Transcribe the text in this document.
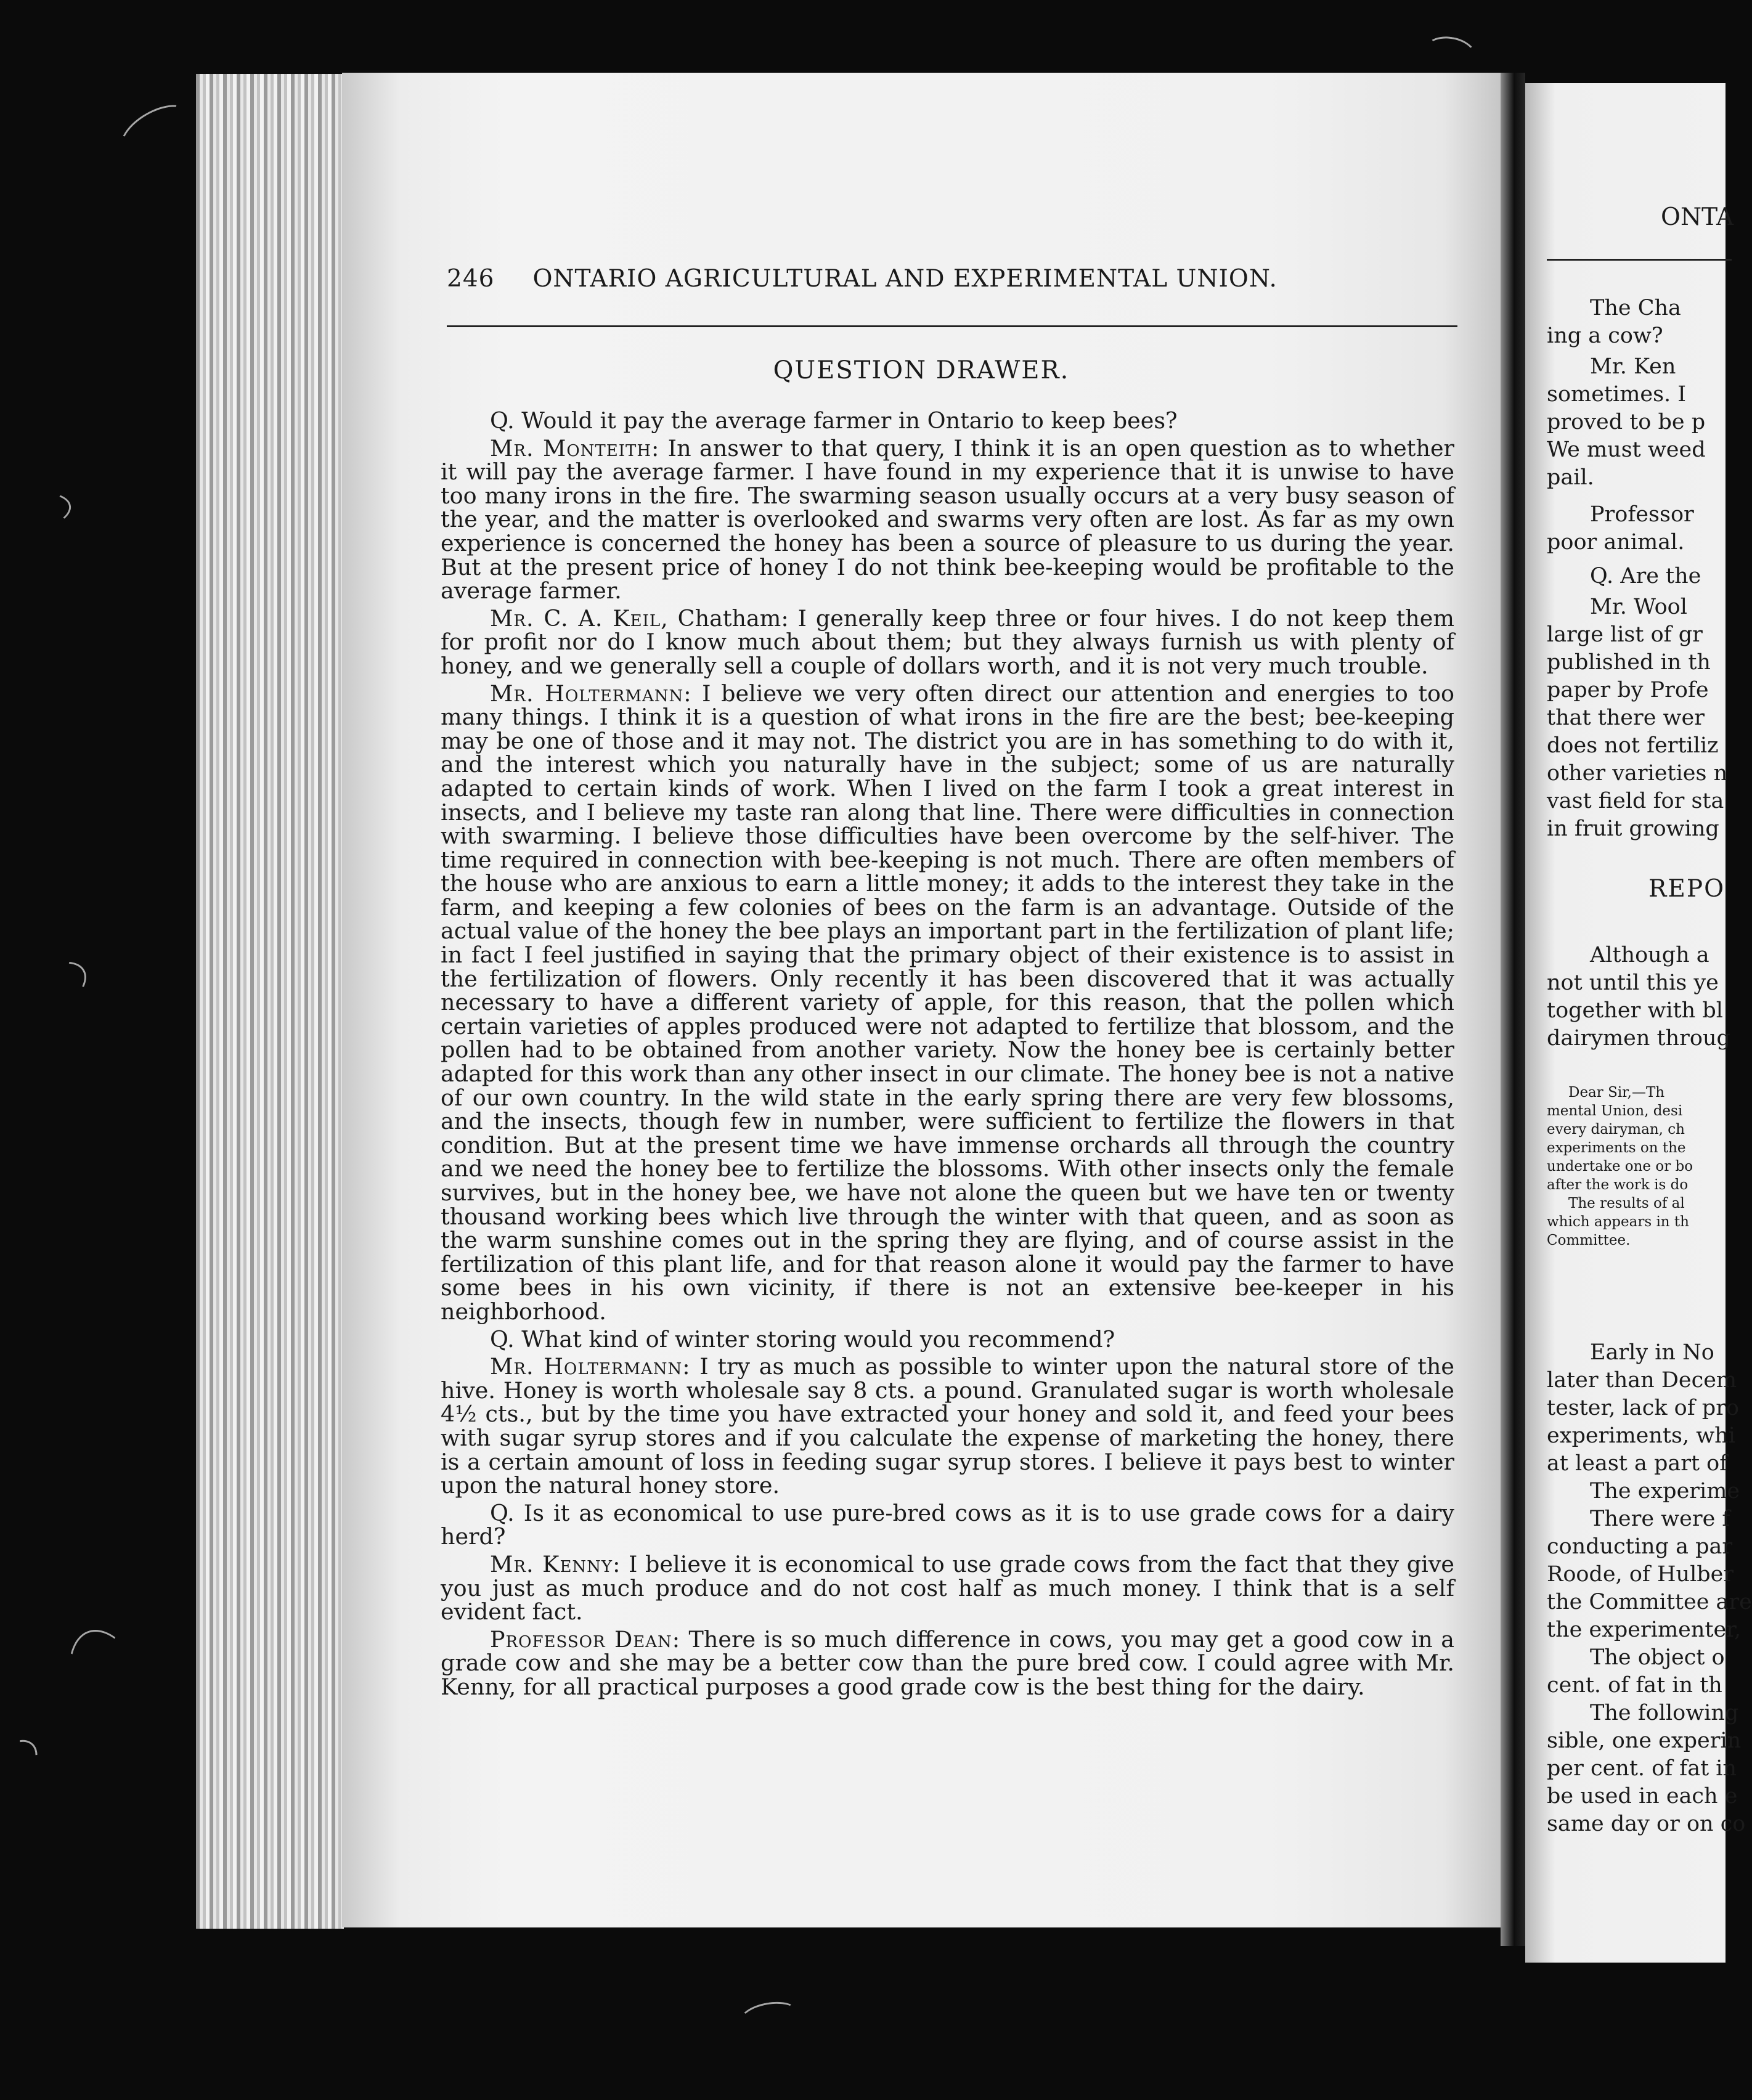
246 ONTARIO AGRICULTURAL AND EXPERIMENTAL UNION.
QUESTION DRAWER.

Q. Would it pay the average farmer in Ontario to keep bees?

Mr. Monteith: In answer to that query, I think it is an open question as to whether it will pay the average farmer. I have found in my experience that it is unwise to have too many irons in the fire. The swarming season usually occurs at a very busy season of the year, and the matter is overlooked and swarms very often are lost. As far as my own experience is concerned the honey has been a source of pleasure to us during the year. But at the present price of honey I do not think bee-keeping would be profitable to the average farmer.

Mr. C. A. Keil, Chatham: I generally keep three or four hives. I do not keep them for profit nor do I know much about them; but they always furnish us with plenty of honey, and we generally sell a couple of dollars worth, and it is not very much trouble.

Mr. Holtermann: I believe we very often direct our attention and energies to too many things. I think it is a question of what irons in the fire are the best; bee-keeping may be one of those and it may not. The district you are in has something to do with it, and the interest which you naturally have in the subject; some of us are naturally adapted to certain kinds of work. When I lived on the farm I took a great interest in insects, and I believe my taste ran along that line. There were difficulties in connection with swarming. I believe those difficulties have been overcome by the self-hiver. The time required in connection with bee-keeping is not much. There are often members of the house who are anxious to earn a little money; it adds to the interest they take in the farm, and keeping a few colonies of bees on the farm is an advantage. Outside of the actual value of the honey the bee plays an important part in the fertilization of plant life; in fact I feel justified in saying that the primary object of their existence is to assist in the fertilization of flowers. Only recently it has been discovered that it was actually necessary to have a different variety of apple, for this reason, that the pollen which certain varieties of apples produced were not adapted to fertilize that blossom, and the pollen had to be obtained from another variety. Now the honey bee is certainly better adapted for this work than any other insect in our climate. The honey bee is not a native of our own country. In the wild state in the early spring there are very few blossoms, and the insects, though few in number, were sufficient to fertilize the flowers in that condition. But at the present time we have immense orchards all through the country and we need the honey bee to fertilize the blossoms. With other insects only the female survives, but in the honey bee, we have not alone the queen but we have ten or twenty thousand working bees which live through the winter with that queen, and as soon as the warm sunshine comes out in the spring they are flying, and of course assist in the fertilization of this plant life, and for that reason alone it would pay the farmer to have some bees in his own vicinity, if there is not an extensive bee-keeper in his neighborhood.

Q. What kind of winter storing would you recommend?

Mr. Holtermann: I try as much as possible to winter upon the natural store of the hive. Honey is worth wholesale say 8 cts. a pound. Granulated sugar is worth wholesale 4½ cts., but by the time you have extracted your honey and sold it, and feed your bees with sugar syrup stores and if you calculate the expense of marketing the honey, there is a certain amount of loss in feeding sugar syrup stores. I believe it pays best to winter upon the natural honey store.

Q. Is it as economical to use pure-bred cows as it is to use grade cows for a dairy herd?

Mr. Kenny: I believe it is economical to use grade cows from the fact that they give you just as much produce and do not cost half as much money. I think that is a self evident fact.

Professor Dean: There is so much difference in cows, you may get a good cow in a grade cow and she may be a better cow than the pure bred cow. I could agree with Mr. Kenny, for all practical purposes a good grade cow is the best thing for the dairy.

ONTA
The Cha
ing a cow?
Mr. Ken
sometimes. I
proved to be p
We must weed
pail.
Professor
poor animal.
Q. Are the
Mr. Wool
large list of gr
published in th
paper by Profe
that there wer
does not fertiliz
other varieties n
vast field for sta
in fruit growing
REPO
Although a
not until this ye
together with bl
dairymen throug
Dear Sir,—Th
mental Union, desi
every dairyman, ch
experiments on the
undertake one or bo
after the work is do
The results of al
which appears in th
Committee.
Early in No
later than Decem
tester, lack of pro
experiments, whi
at least a part of
The experime
There were f
conducting a par
Roode, of Hulber
the Committee are
the experimenter,
The object o
cent. of fat in th
The following
sible, one experin
per cent. of fat in
be used in each e
same day or on co
